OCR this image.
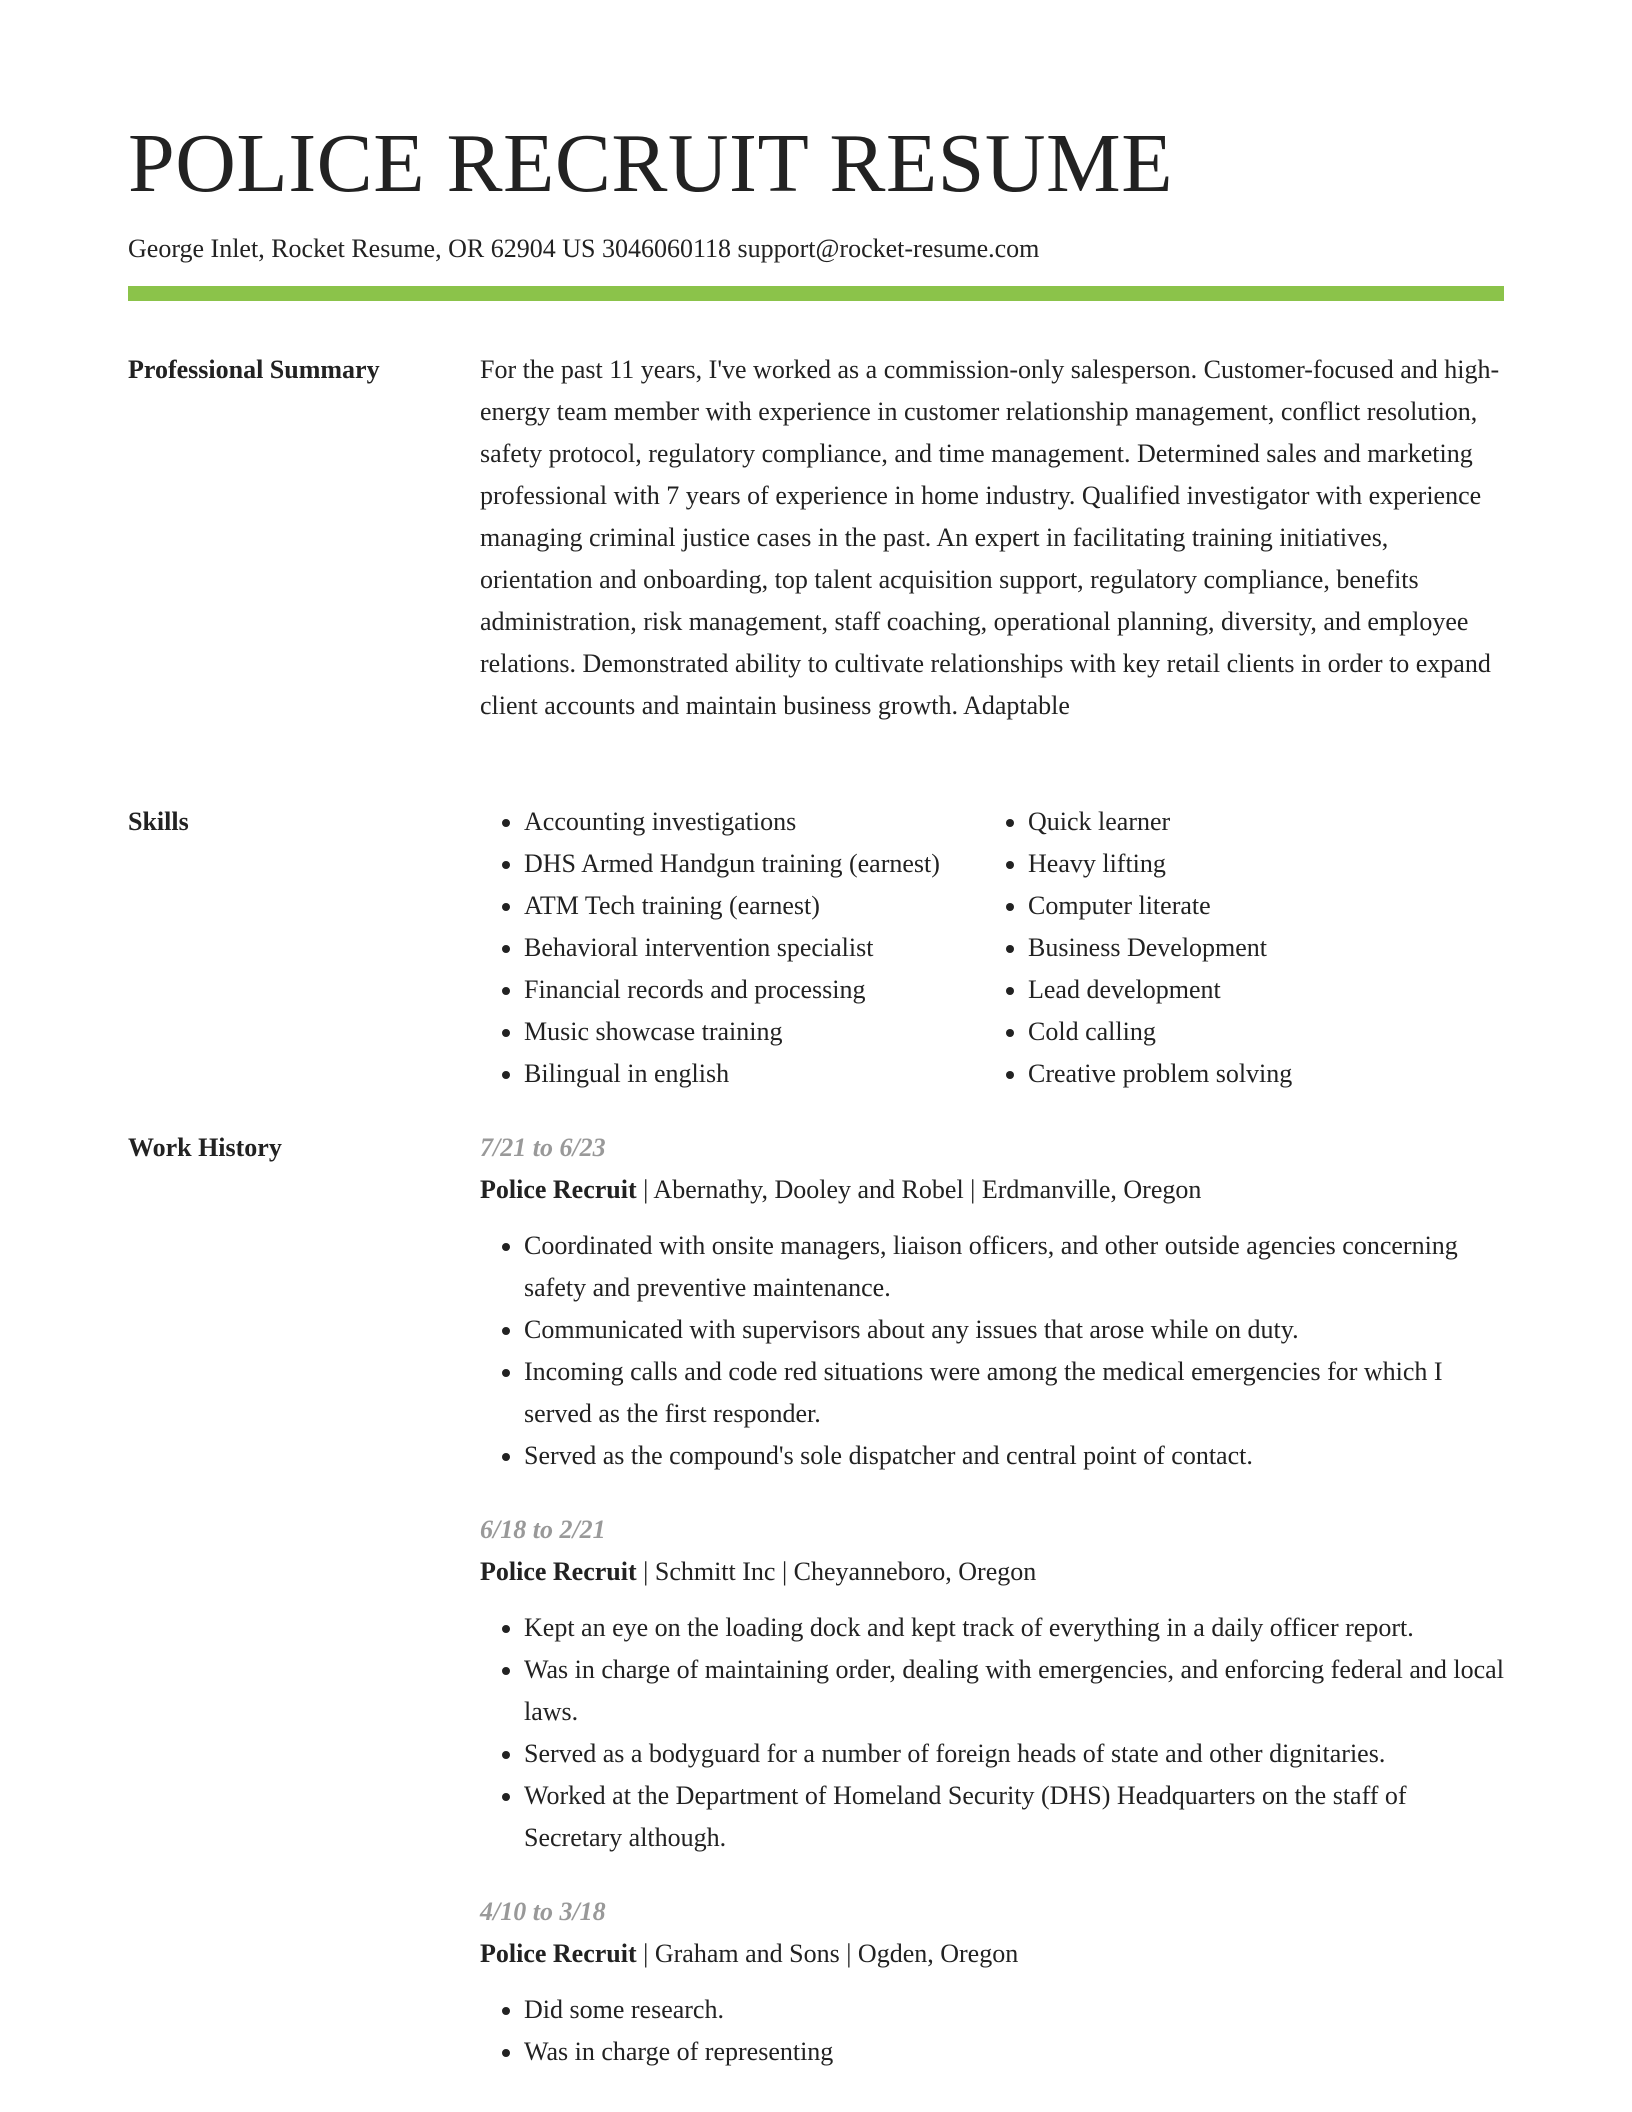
POLICE RECRUIT RESUME
George Inlet, Rocket Resume, OR 62904 US 3046060118 support@rocket-resume.com
Professional Summary	For the past 11 years, I've worked as a commission-only salesperson. Customer-focused and high-energy team member with experience in customer relationship management, conflict resolution, safety protocol, regulatory compliance, and time management. Determined sales and marketing professional with 7 years of experience in home industry. Qualified investigator with experience managing criminal justice cases in the past. An expert in facilitating training initiatives, orientation and onboarding, top talent acquisition support, regulatory compliance, benefits administration, risk management, staff coaching, operational planning, diversity, and employee relations. Demonstrated ability to cultivate relationships with key retail clients in order to expand client accounts and maintain business growth. Adaptable

Skills
•	Accounting investigations
• DHS Armed Handgun training (earnest)
• ATM Tech training (earnest)
• Behavioral intervention specialist
• Financial records and processing
• Music showcase training
• Bilingual in english
• Quick learner
• Heavy lifting
• Computer literate
• Business Development
• Lead development
• Cold calling
• Creative problem solving
Work History	7/21 to 6/23
Police Recruit | Abernathy, Dooley and Robel | Erdmanville, Oregon
• Coordinated with onsite managers, liaison officers, and other outside agencies concerning safety and preventive maintenance.
• Communicated with supervisors about any issues that arose while on duty.
• Incoming calls and code red situations were among the medical emergencies for which I served as the first responder.
• Served as the compound's sole dispatcher and central point of contact.
6/18 to 2/21
Police Recruit | Schmitt Inc | Cheyanneboro, Oregon
• Kept an eye on the loading dock and kept track of everything in a daily officer report.
• Was in charge of maintaining order, dealing with emergencies, and enforcing federal and local laws.
• Served as a bodyguard for a number of foreign heads of state and other dignitaries.
• Worked at the Department of Homeland Security (DHS) Headquarters on the staff of Secretary although.
4/10 to 3/18
Police Recruit | Graham and Sons | Ogden, Oregon
• Did some research.
• Was in charge of representing
